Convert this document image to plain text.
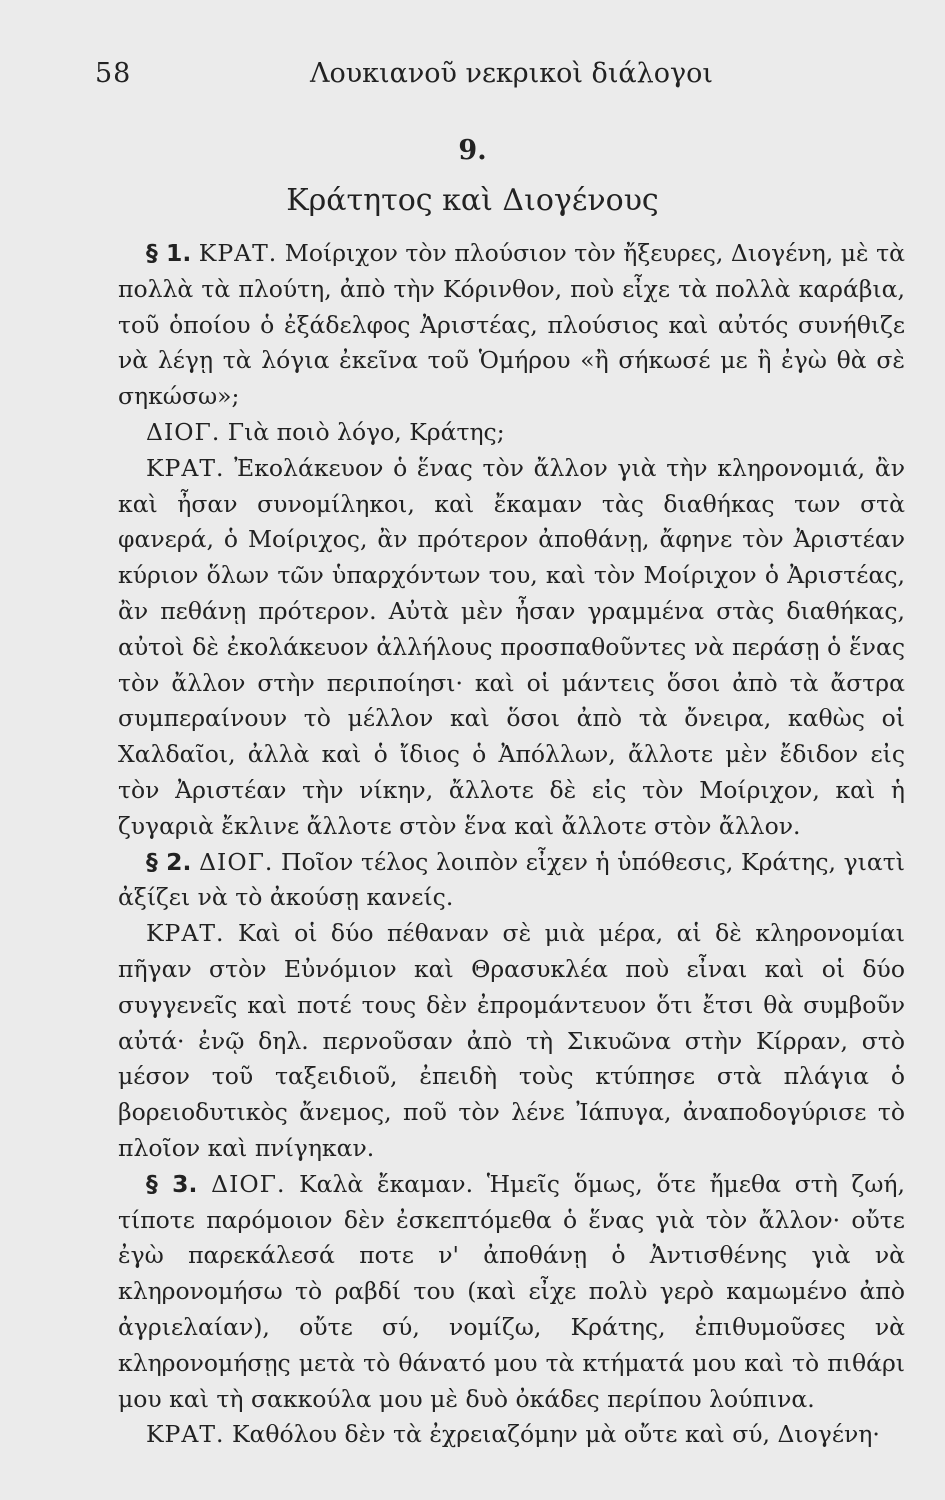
58	Λουκιανοῦ νεκρικοὶ διάλογοι
9.
Κράτητος καὶ Διογένους

§ 1. ΚΡΑΤ. Μοίριχον τὸν πλούσιον τὸν ἤξευρες, Διογένη, μὲ τὰ πολλὰ τὰ πλούτη, ἀπὸ τὴν Κόρινθον, ποὺ εἶχε τὰ πολλὰ καράβια, τοῦ ὁποίου ὁ ἐξάδελφος Ἀριστέας, πλούσιος καὶ αὐτός συνήθιζε νὰ λέγῃ τὰ λόγια ἐκεῖνα τοῦ Ὁμήρου «ἢ σήκωσέ με ἢ ἐγὼ θὰ σὲ σηκώσω»;

ΔΙΟΓ. Γιὰ ποιὸ λόγο, Κράτης;

ΚΡΑΤ. Ἐκολάκευον ὁ ἕνας τὸν ἄλλον γιὰ τὴν κληρονομιά, ἂν καὶ ἦσαν συνομίληκοι, καὶ ἔκαμαν τὰς διαθήκας των στὰ φανερά, ὁ Μοίριχος, ἂν πρότερον ἀποθάνῃ, ἄφηνε τὸν Ἀριστέαν κύριον ὅλων τῶν ὑπαρχόντων του, καὶ τὸν Μοίριχον ὁ Ἀριστέας, ἂν πεθάνῃ πρότερον. Αὐτὰ μὲν ἦσαν γραμμένα στὰς διαθήκας, αὐτοὶ δὲ ἐκολάκευον ἀλλήλους προσπαθοῦντες νὰ περάσῃ ὁ ἕνας τὸν ἄλλον στὴν περιποίησι· καὶ οἱ μάντεις ὅσοι ἀπὸ τὰ ἄστρα συμπεραίνουν τὸ μέλλον καὶ ὅσοι ἀπὸ τὰ ὄνειρα, καθὼς οἱ Χαλδαῖοι, ἀλλὰ καὶ ὁ ἴδιος ὁ Ἀπόλλων, ἄλλοτε μὲν ἔδιδον εἰς τὸν Ἀριστέαν τὴν νίκην, ἄλλοτε δὲ εἰς τὸν Μοίριχον, καὶ ἡ ζυγαριὰ ἔκλινε ἄλλοτε στὸν ἕνα καὶ ἄλλοτε στὸν ἄλλον.

§ 2. ΔΙΟΓ. Ποῖον τέλος λοιπὸν εἶχεν ἡ ὑπόθεσις, Κράτης, γιατὶ ἀξίζει νὰ τὸ ἀκούσῃ κανείς.

ΚΡΑΤ. Καὶ οἱ δύο πέθαναν σὲ μιὰ μέρα, αἱ δὲ κληρονομίαι πῆγαν στὸν Εὐνόμιον καὶ Θρασυκλέα ποὺ εἶναι καὶ οἱ δύο συγγενεῖς καὶ ποτέ τους δὲν ἐπρομάντευον ὅτι ἔτσι θὰ συμβοῦν αὐτά· ἐνῷ δηλ. περνοῦσαν ἀπὸ τὴ Σικυῶνα στὴν Κίρραν, στὸ μέσον τοῦ ταξειδιοῦ, ἐπειδὴ τοὺς κτύπησε στὰ πλάγια ὁ βορειοδυτικὸς ἄνεμος, ποῦ τὸν λένε Ἰάπυγα, ἀναποδογύρισε τὸ πλοῖον καὶ πνίγηκαν.

§ 3. ΔΙΟΓ. Καλὰ ἔκαμαν. Ἡμεῖς ὅμως, ὅτε ἤμεθα στὴ ζωή, τίποτε παρόμοιον δὲν ἐσκεπτόμεθα ὁ ἕνας γιὰ τὸν ἄλλον· οὔτε ἐγὼ παρεκάλεσά ποτε ν' ἀποθάνῃ ὁ Ἀντισθένης γιὰ νὰ κληρονομήσω τὸ ραβδί του (καὶ εἶχε πολὺ γερὸ καμωμένο ἀπὸ ἀγριελαίαν), οὔτε σύ, νομίζω, Κράτης, ἐπιθυμοῦσες νὰ κληρονομήσῃς μετὰ τὸ θάνατό μου τὰ κτήματά μου καὶ τὸ πιθάρι μου καὶ τὴ σακκούλα μου μὲ δυὸ ὀκάδες περίπου λούπινα.

ΚΡΑΤ. Καθόλου δὲν τὰ ἐχρειαζόμην μὰ οὔτε καὶ σύ, Διογένη·
